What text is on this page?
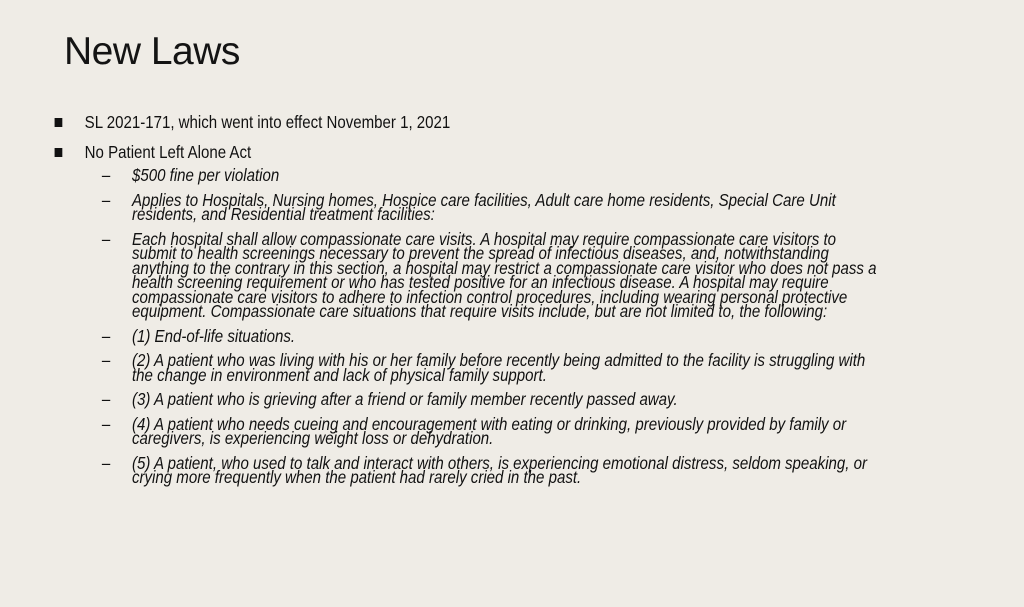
New Laws
SL 2021-171, which went into effect November 1, 2021
No Patient Left Alone Act
– $500 fine per violation
– Applies to Hospitals, Nursing homes, Hospice care facilities, Adult care home residents, Special Care Unit residents, and Residential treatment facilities:
– Each hospital shall allow compassionate care visits. A hospital may require compassionate care visitors to submit to health screenings necessary to prevent the spread of infectious diseases, and, notwithstanding anything to the contrary in this section, a hospital may restrict a compassionate care visitor who does not pass a health screening requirement or who has tested positive for an infectious disease. A hospital may require compassionate care visitors to adhere to infection control procedures, including wearing personal protective equipment. Compassionate care situations that require visits include, but are not limited to, the following:
– (1) End-of-life situations.
– (2) A patient who was living with his or her family before recently being admitted to the facility is struggling with the change in environment and lack of physical family support.
– (3) A patient who is grieving after a friend or family member recently passed away.
– (4) A patient who needs cueing and encouragement with eating or drinking, previously provided by family or caregivers, is experiencing weight loss or dehydration.
– (5) A patient, who used to talk and interact with others, is experiencing emotional distress, seldom speaking, or crying more frequently when the patient had rarely cried in the past.
